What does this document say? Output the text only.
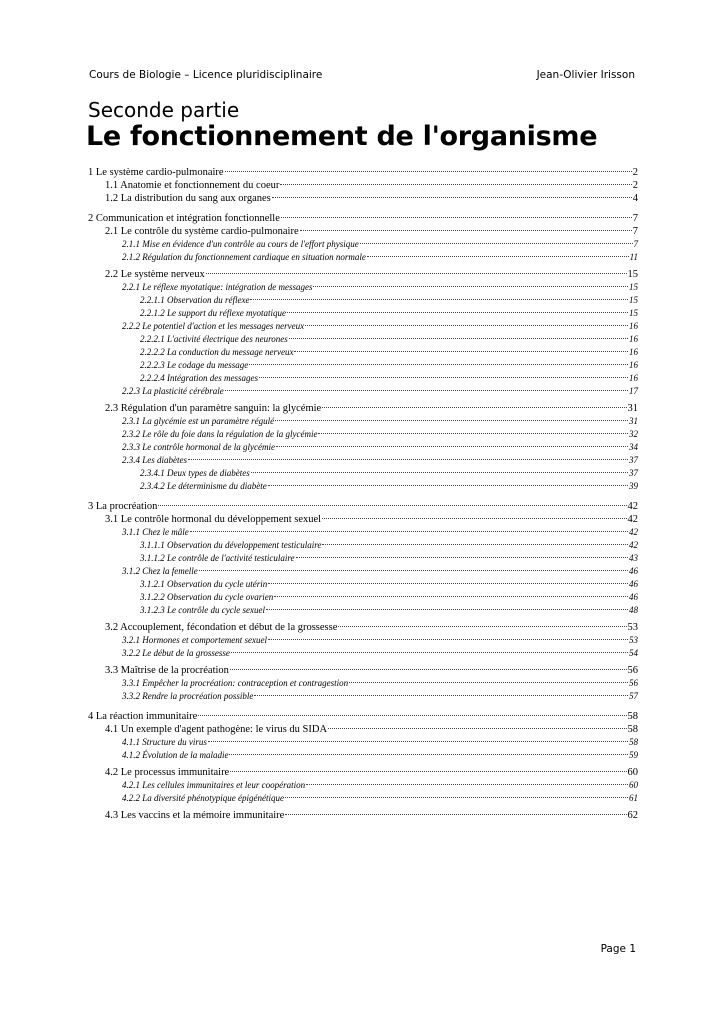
Cours de Biologie – Licence pluridisciplinaire	Jean-Olivier Irisson
Seconde partie
Le fonctionnement de l'organisme
1 Le système cardio-pulmonaire	2
1.1 Anatomie et fonctionnement du coeur	2
1.2 La distribution du sang aux organes	4
2 Communication et intégration fonctionnelle	7
2.1 Le contrôle du système cardio-pulmonaire	7
2.1.1 Mise en évidence d'un contrôle au cours de l'effort physique	7
2.1.2 Régulation du fonctionnement cardiaque en situation normale	11
2.2 Le système nerveux	15
2.2.1 Le réflexe myotatique: intégration de messages	15
2.2.1.1 Observation du réflexe	15
2.2.1.2 Le support du réflexe myotatique	15
2.2.2 Le potentiel d'action et les messages nerveux	16
2.2.2.1 L'activité électrique des neurones	16
2.2.2.2 La conduction du message nerveux	16
2.2.2.3 Le codage du message	16
2.2.2.4 Intégration des messages	16
2.2.3 La plasticité cérébrale	17
2.3 Régulation d'un paramètre sanguin: la glycémie	31
2.3.1 La glycémie est un paramètre régulé	31
2.3.2 Le rôle du foie dans la régulation de la glycémie	32
2.3.3 Le contrôle hormonal de la glycémie	34
2.3.4 Les diabètes	37
2.3.4.1 Deux types de diabètes	37
2.3.4.2 Le déterminisme du diabète	39
3 La procréation	42
3.1 Le contrôle hormonal du développement sexuel	42
3.1.1 Chez le mâle	42
3.1.1.1 Observation du développement testiculaire	42
3.1.1.2 Le contrôle de l'activité testiculaire	43
3.1.2 Chez la femelle	46
3.1.2.1 Observation du cycle utérin	46
3.1.2.2 Observation du cycle ovarien	46
3.1.2.3 Le contrôle du cycle sexuel	48
3.2 Accouplement, fécondation et début de la grossesse	53
3.2.1 Hormones et comportement sexuel	53
3.2.2 Le début de la grossesse	54
3.3 Maîtrise de la procréation	56
3.3.1 Empêcher la procréation: contraception et contragestion	56
3.3.2 Rendre la procréation possible	57
4 La réaction immunitaire	58
4.1 Un exemple d'agent pathogène: le virus du SIDA	58
4.1.1 Structure du virus	58
4.1.2 Évolution de la maladie	59
4.2 Le processus immunitaire	60
4.2.1 Les cellules immunitaires et leur coopération	60
4.2.2 La diversité phénotypique épigénétique	61
4.3 Les vaccins et la mémoire immunitaire	62
Page 1
